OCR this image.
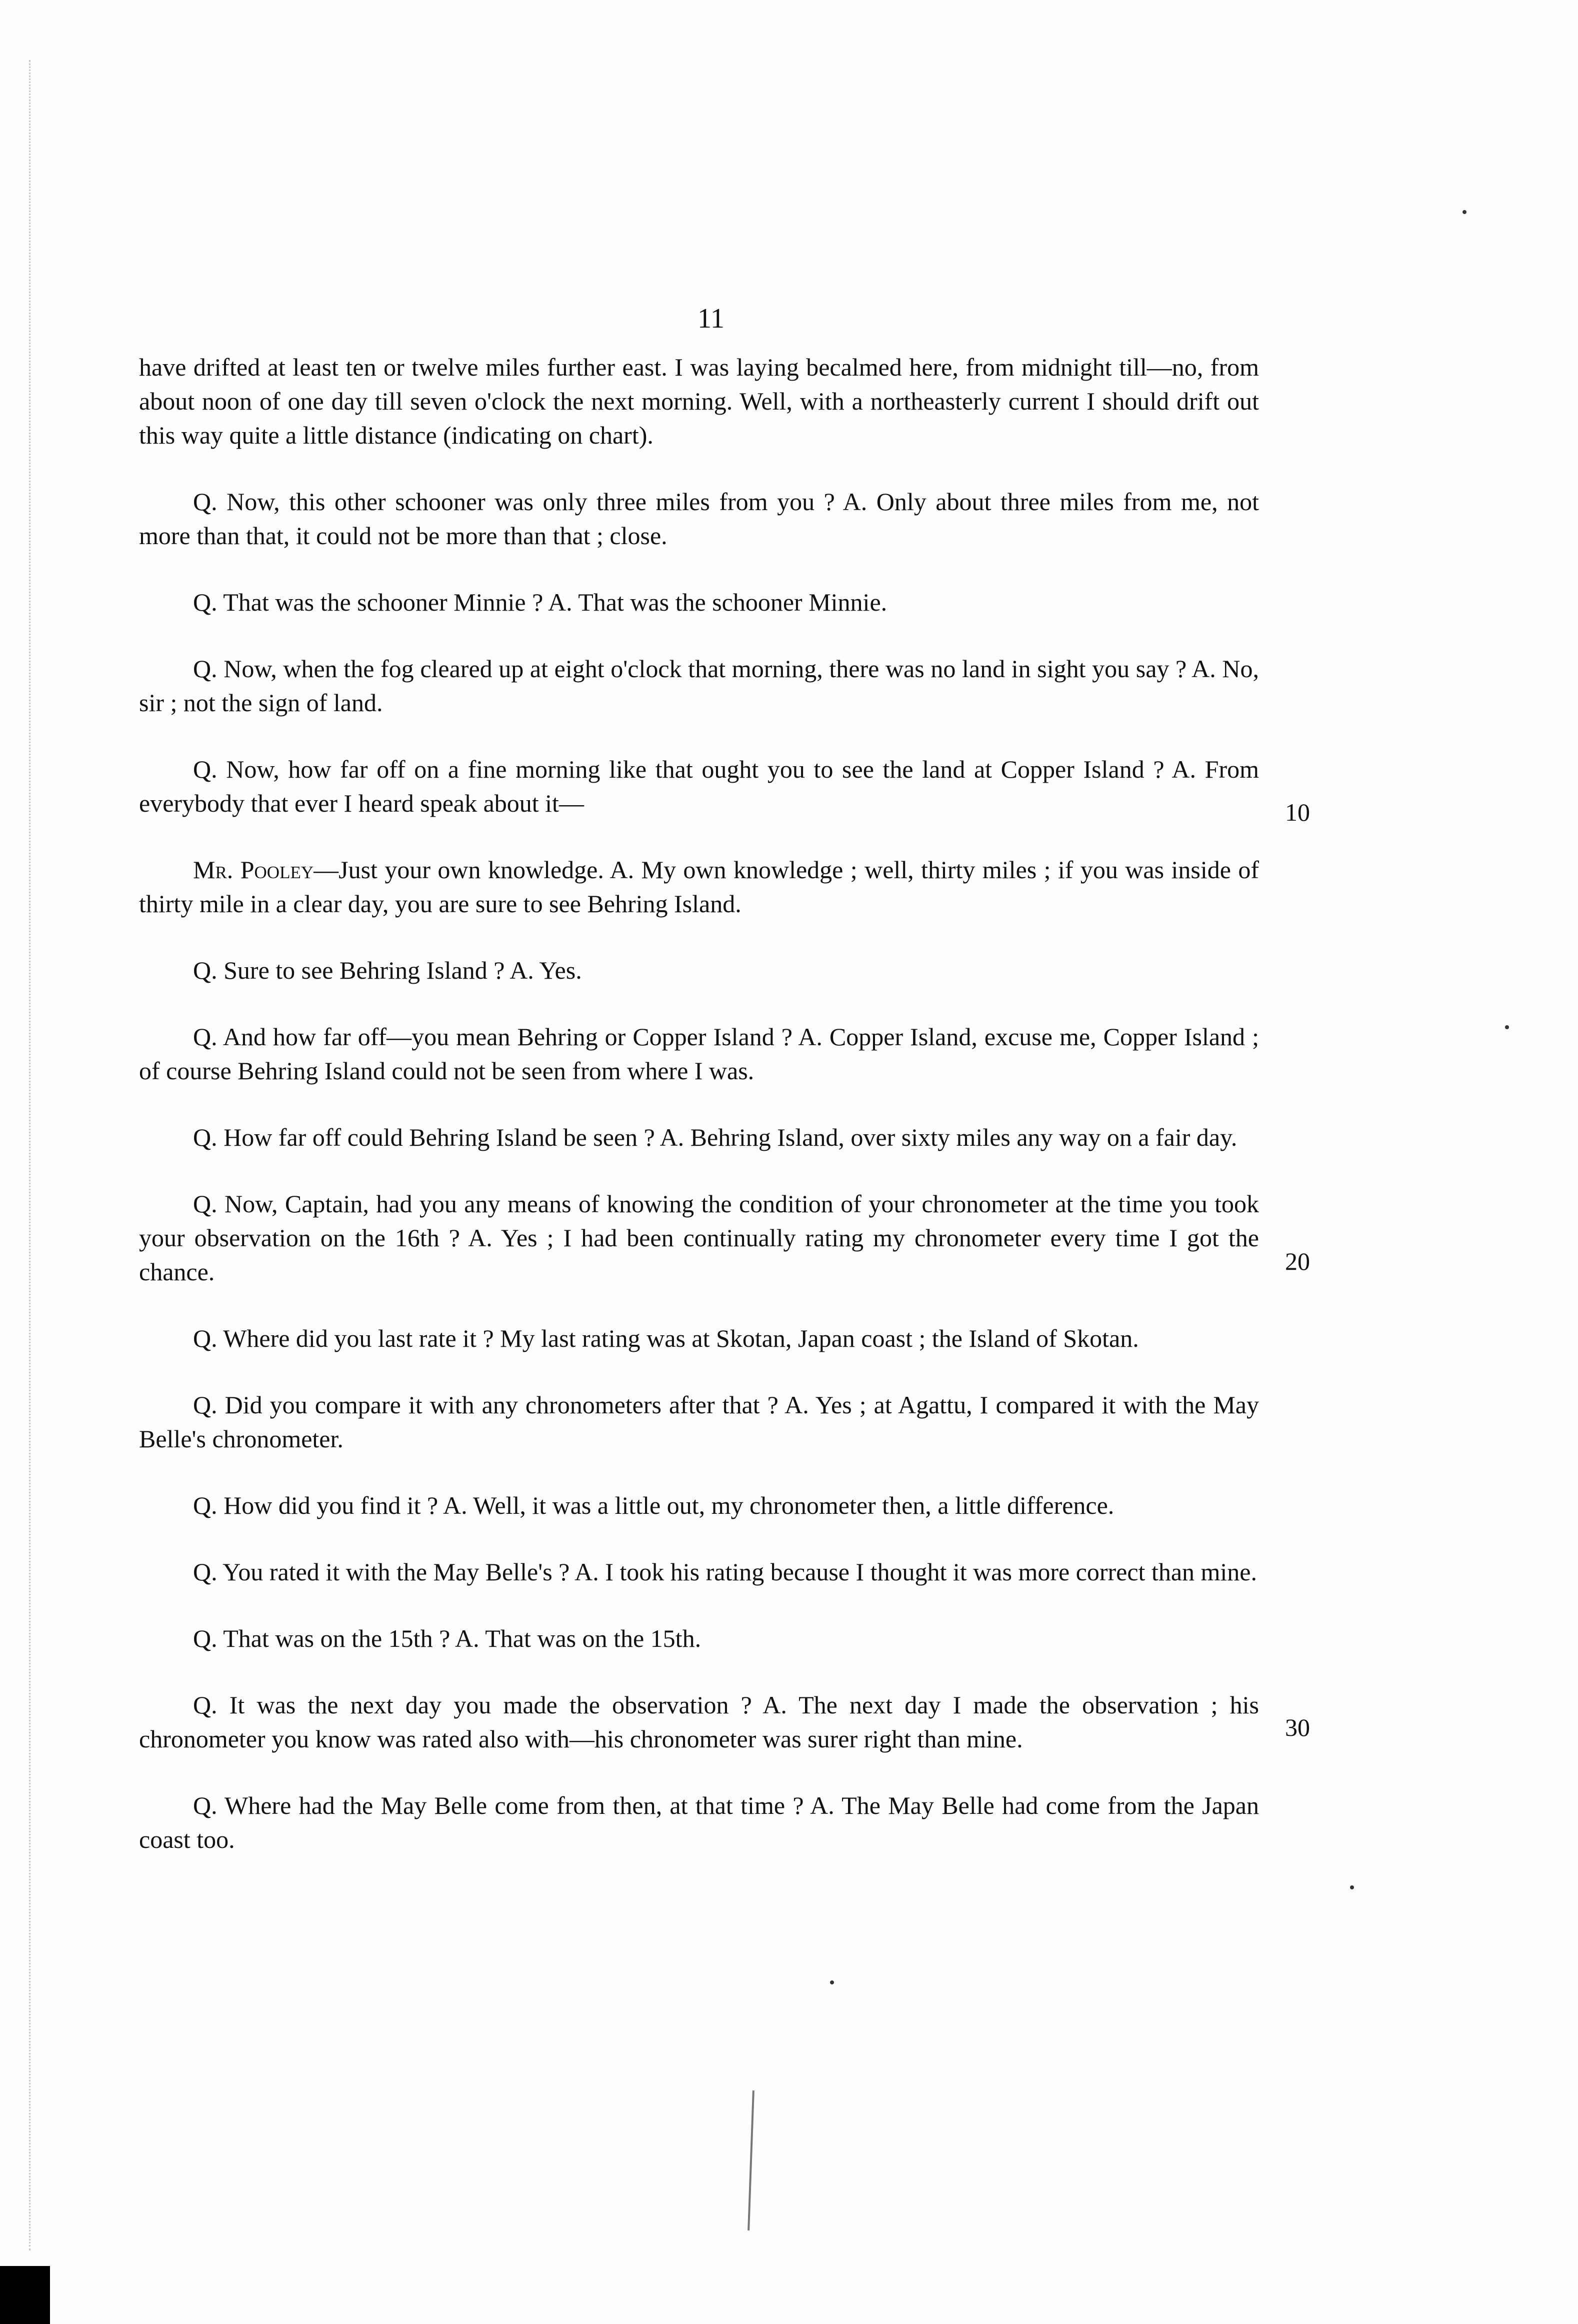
11

have drifted at least ten or twelve miles further east. I was laying becalmed here, from midnight till—no, from about noon of one day till seven o'clock the next morning. Well, with a northeasterly current I should drift out this way quite a little distance (indicating on chart).

Q. Now, this other schooner was only three miles from you ? A. Only about three miles from me, not more than that, it could not be more than that ; close.

Q. That was the schooner Minnie ? A. That was the schooner Minnie.

Q. Now, when the fog cleared up at eight o'clock that morning, there was no land in sight you say ? A. No, sir ; not the sign of land.

Q. Now, how far off on a fine morning like that ought you to see the land at Copper Island ? A. From everybody that ever I heard speak about it—

Mr. Pooley—Just your own knowledge. A. My own knowledge ; well, thirty miles ; if you was inside of thirty mile in a clear day, you are sure to see Behring Island.

Q. Sure to see Behring Island ? A. Yes.

Q. And how far off—you mean Behring or Copper Island ? A. Copper Island, excuse me, Copper Island ; of course Behring Island could not be seen from where I was.

Q. How far off could Behring Island be seen ? A. Behring Island, over sixty miles any way on a fair day.

Q. Now, Captain, had you any means of knowing the condition of your chronometer at the time you took your observation on the 16th ? A. Yes ; I had been continually rating my chronometer every time I got the chance.

Q. Where did you last rate it ? My last rating was at Skotan, Japan coast ; the Island of Skotan.

Q. Did you compare it with any chronometers after that ? A. Yes ; at Agattu, I compared it with the May Belle's chronometer.

Q. How did you find it ? A. Well, it was a little out, my chronometer then, a little difference.

Q. You rated it with the May Belle's ? A. I took his rating because I thought it was more correct than mine.

Q. That was on the 15th ? A. That was on the 15th.

Q. It was the next day you made the observation ? A. The next day I made the observation ; his chronometer you know was rated also with—his chronometer was surer right than mine.

Q. Where had the May Belle come from then, at that time ? A. The May Belle had come from the Japan coast too.

10
20
30
